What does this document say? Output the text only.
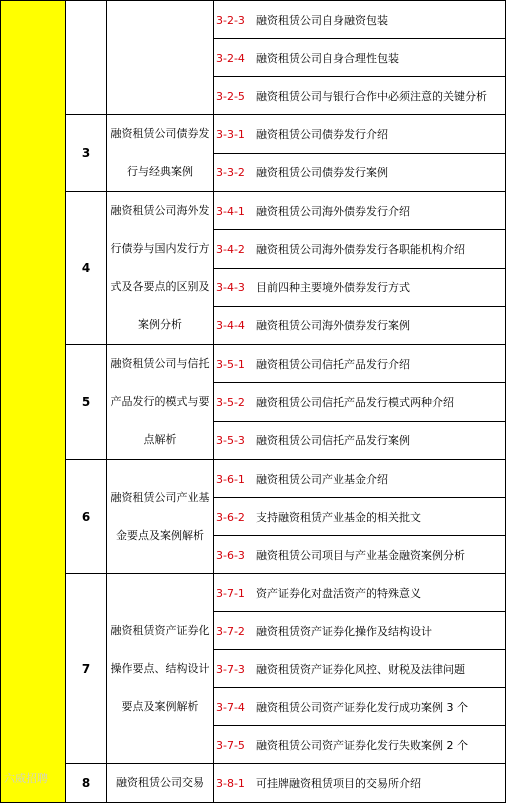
			3-2-3 融资租赁公司自身融资包装
			3-2-4 融资租赁公司自身合理性包装
			3-2-5 融资租赁公司与银行合作中必须注意的关键分析
	3	融资租赁公司债券发行与经典案例	3-3-1 融资租赁公司债券发行介绍
			3-3-2 融资租赁公司债券发行案例
	4	融资租赁公司海外发行债券与国内发行方式及各要点的区别及案例分析	3-4-1 融资租赁公司海外债券发行介绍
			3-4-2 融资租赁公司海外债券发行各职能机构介绍
			3-4-3 目前四种主要境外债券发行方式
			3-4-4 融资租赁公司海外债券发行案例
	5	融资租赁公司与信托产品发行的模式与要点解析	3-5-1 融资租赁公司信托产品发行介绍
			3-5-2 融资租赁公司信托产品发行模式两种介绍
			3-5-3 融资租赁公司信托产品发行案例
	6	融资租赁公司产业基金要点及案例解析	3-6-1 融资租赁公司产业基金介绍
			3-6-2 支持融资租赁产业基金的相关批文
			3-6-3 融资租赁公司项目与产业基金融资案例分析
	7	融资租赁资产证券化操作要点、结构设计要点及案例解析	3-7-1 资产证券化对盘活资产的特殊意义
			3-7-2 融资租赁资产证券化操作及结构设计
			3-7-3 融资租赁资产证券化风控、财税及法律问题
			3-7-4 融资租赁公司资产证券化发行成功案例 3 个
			3-7-5 融资租赁公司资产证券化发行失败案例 2 个
	8	融资租赁公司交易	3-8-1 可挂牌融资租赁项目的交易所介绍
六威招聘
